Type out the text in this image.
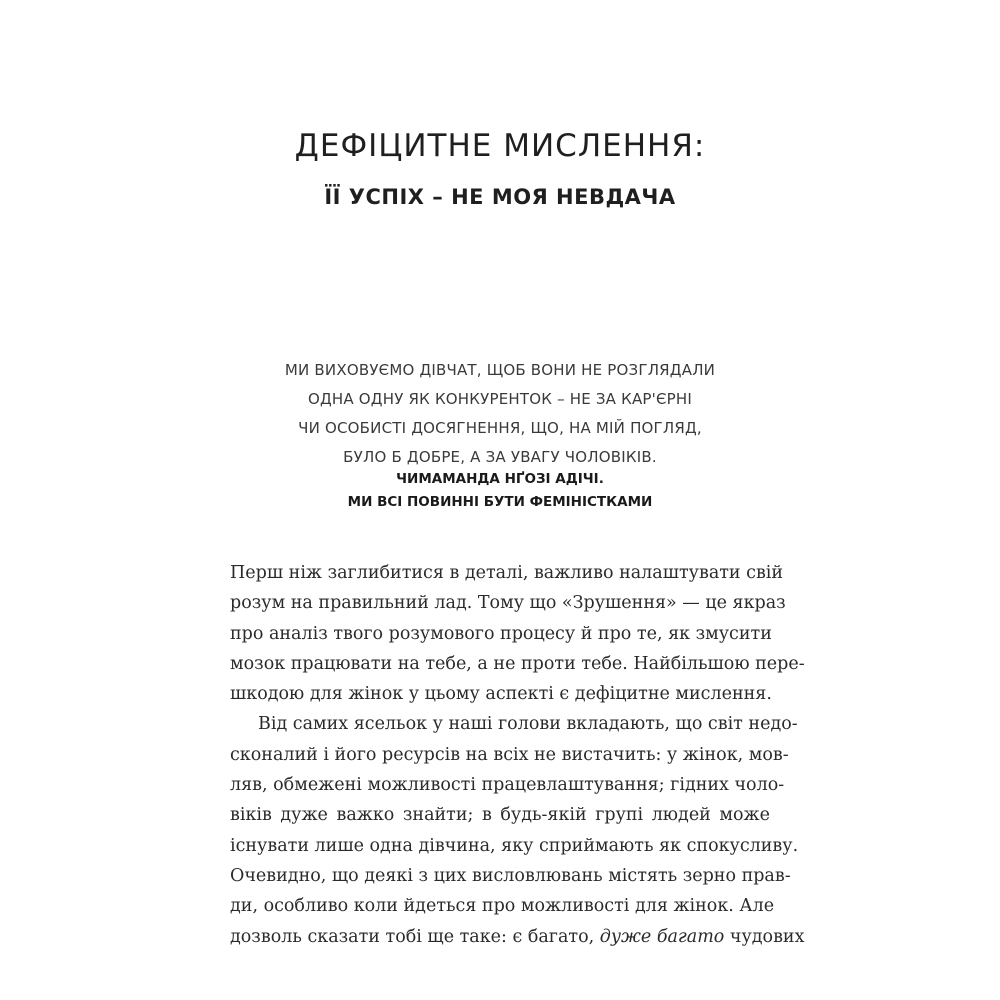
ДЕФІЦИТНЕ МИСЛЕННЯ:
ЇЇ УСПІХ – НЕ МОЯ НЕВДАЧА
МИ ВИХОВУЄМО ДІВЧАТ, ЩОБ ВОНИ НЕ РОЗГЛЯДАЛИ
ОДНА ОДНУ ЯК КОНКУРЕНТОК – НЕ ЗА КАР'ЄРНІ
ЧИ ОСОБИСТІ ДОСЯГНЕННЯ, ЩО, НА МІЙ ПОГЛЯД,
БУЛО Б ДОБРЕ, А ЗА УВАГУ ЧОЛОВІКІВ.
ЧИМАМАНДА НҐОЗІ АДІЧІ.
МИ ВСІ ПОВИННІ БУТИ ФЕМІНІСТКАМИ
Перш ніж заглибитися в деталі, важливо налаштувати свій
розум на правильний лад. Тому що «Зрушення» — це якраз
про аналіз твого розумового процесу й про те, як змусити
мозок працювати на тебе, а не проти тебе. Найбільшою пере-
шкодою для жінок у цьому аспекті є дефіцитне мислення.
Від самих ясельок у наші голови вкладають, що світ недо-
сконалий і його ресурсів на всіх не вистачить: у жінок, мов-
ляв, обмежені можливості працевлаштування; гідних чоло-
віків дуже важко знайти; в будь-якій групі людей може
існувати лише одна дівчина, яку сприймають як спокусливу.
Очевидно, що деякі з цих висловлювань містять зерно прав-
ди, особливо коли йдеться про можливості для жінок. Але
дозволь сказати тобі ще таке: є багато, дуже багато чудових
